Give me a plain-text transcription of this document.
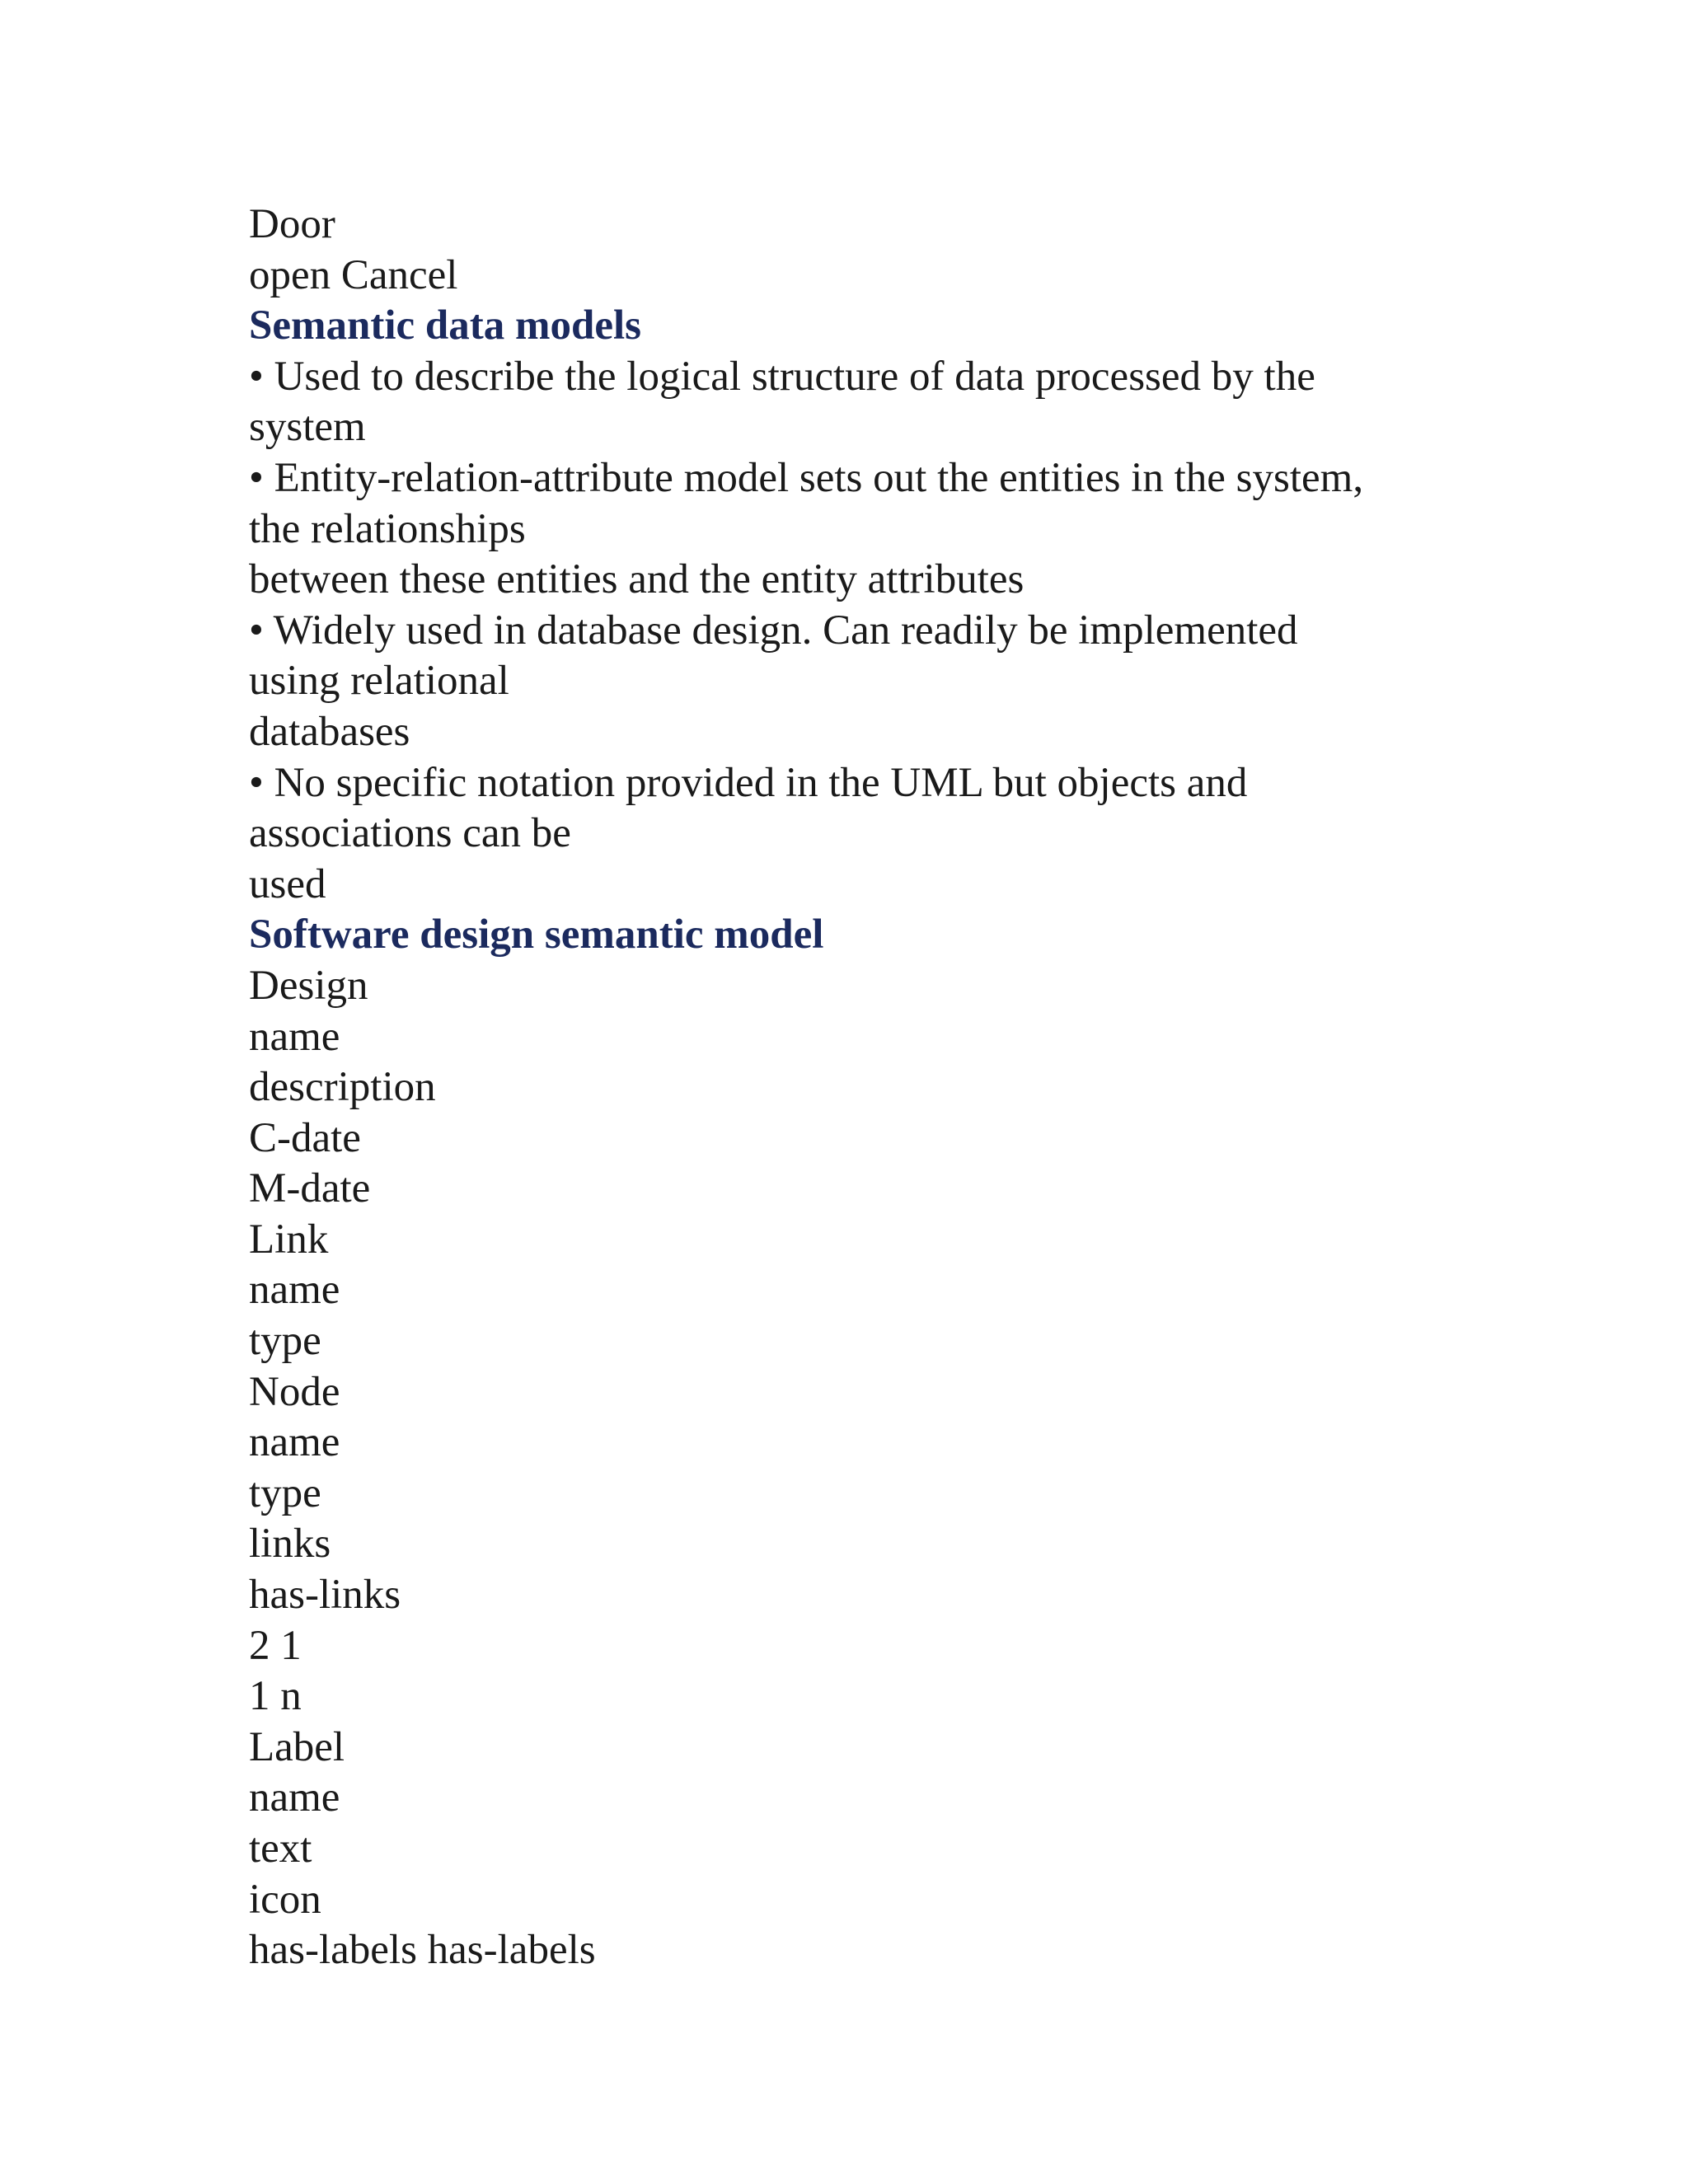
Door
open Cancel
Semantic data models
• Used to describe the logical structure of data processed by the
system
• Entity-relation-attribute model sets out the entities in the system,
the relationships
between these entities and the entity attributes
• Widely used in database design. Can readily be implemented
using relational
databases
• No specific notation provided in the UML but objects and
associations can be
used
Software design semantic model
Design
name
description
C-date
M-date
Link
name
type
Node
name
type
links
has-links
2 1
1 n
Label
name
text
icon
has-labels has-labels
